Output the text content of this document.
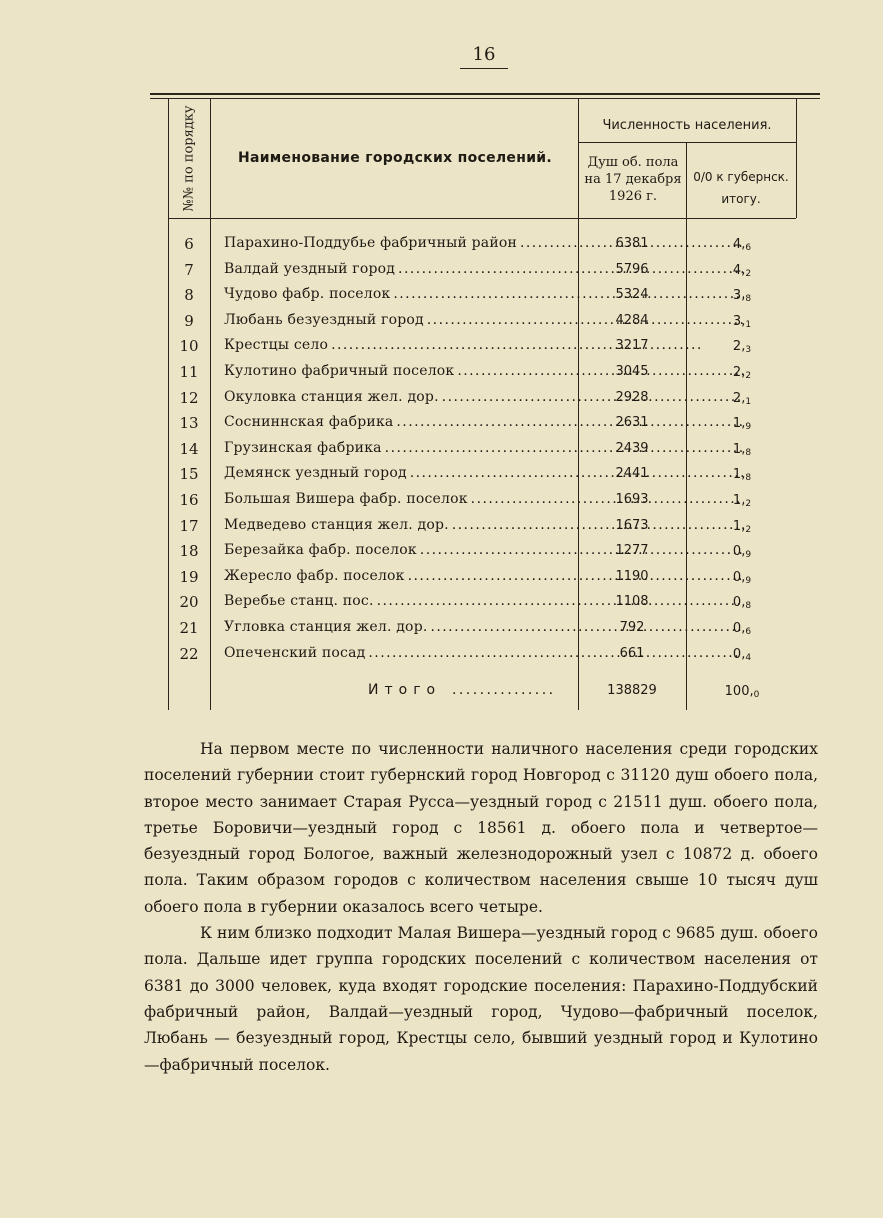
16
№№ по порядку	Наименование городских поселений.
Численность населения.
Душ об. пола
на 17 декабря
1926 г.
0/0 к губернск.
итогу.
6	Парахино-Поддубье фабричный район . . .	6381	$4,_6$
7	Валдай уездный город . . .	5796	$4,_2$
8	Чудово фабр. поселок . . .	5324	$3,_8$
9	Любань безуездный город . . .	4284	$3,_1$
10	Крестцы село . . .	3217	$2,_3$
11	Кулотино фабричный поселок . . .	3045	$2,_2$
12	Окуловка станция жел. дор. . . .	2928	$2,_1$
13	Сосниннская фабрика . . .	2631	$1,_9$
14	Грузинская фабрика . . .	2439	$1,_8$
15	Демянск уездный город . . .	2441	$1,_8$
16	Большая Вишера фабр. поселок . . .	1693	$1,_2$
17	Медведево станция жел. дор. . . .	1673	$1,_2$
18	Березайка фабр. поселок . . .	1277	$0,_9$
19	Жересло фабр. поселок . . .	1190	$0,_9$
20	Веребье станц. пос. . . .	1108	$0,_8$
21	Угловка станция жел. дор. . . .	792	$0,_6$
22	Опеченский посад . . .	661	$0,_4$
Итого . . . . . . . . . . . . . . .	138829	$100,_0$

На первом месте по численности наличного населения среди городских поселений губернии стоит губернский город Новгород с 31120 душ обоего пола, второе место занимает Старая Русса—уездный город с 21511 душ. обоего пола, третье Боровичи—уездный город с 18561 д. обоего пола и четвертое—безуездный город Бологое, важный железнодорожный узел с 10872 д. обоего пола. Таким образом городов с количеством населения свыше 10 тысяч душ обоего пола в губернии оказалось всего четыре.

К ним близко подходит Малая Вишера—уездный город с 9685 душ. обоего пола. Дальше идет группа городских поселений с количеством населения от 6381 до 3000 человек, куда входят городские поселения: Парахино-Поддубский фабричный район, Валдай—уездный город, Чудово—фабричный поселок, Любань — безуездный город, Крестцы село, бывший уездный город и Кулотино—фабричный поселок.
